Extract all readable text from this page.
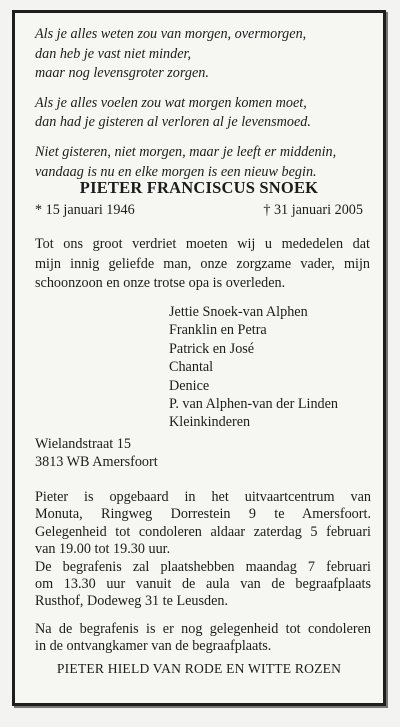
Als je alles weten zou van morgen, overmorgen,
dan heb je vast niet minder,
maar nog levensgroter zorgen.
Als je alles voelen zou wat morgen komen moet,
dan had je gisteren al verloren al je levensmoed.
Niet gisteren, niet morgen, maar je leeft er middenin,
vandaag is nu en elke morgen is een nieuw begin.
PIETER FRANCISCUS SNOEK
* 15 januari 1946	† 31 januari 2005
Tot ons groot verdriet moeten wij u mededelen dat
mijn innig geliefde man, onze zorgzame vader, mijn
schoonzoon en onze trotse opa is overleden.
Jettie Snoek-van Alphen
Franklin en Petra
Patrick en José
Chantal
Denice
P. van Alphen-van der Linden
Kleinkinderen
Wielandstraat 15
3813 WB Amersfoort
Pieter is opgebaard in het uitvaartcentrum van
Monuta, Ringweg Dorrestein 9 te Amersfoort.
Gelegenheid tot condoleren aldaar zaterdag 5 februari
van 19.00 tot 19.30 uur.
De begrafenis zal plaatshebben maandag 7 februari
om 13.30 uur vanuit de aula van de begraafplaats
Rusthof, Dodeweg 31 te Leusden.
Na de begrafenis is er nog gelegenheid tot condoleren
in de ontvangkamer van de begraafplaats.
PIETER HIELD VAN RODE EN WITTE ROZEN
